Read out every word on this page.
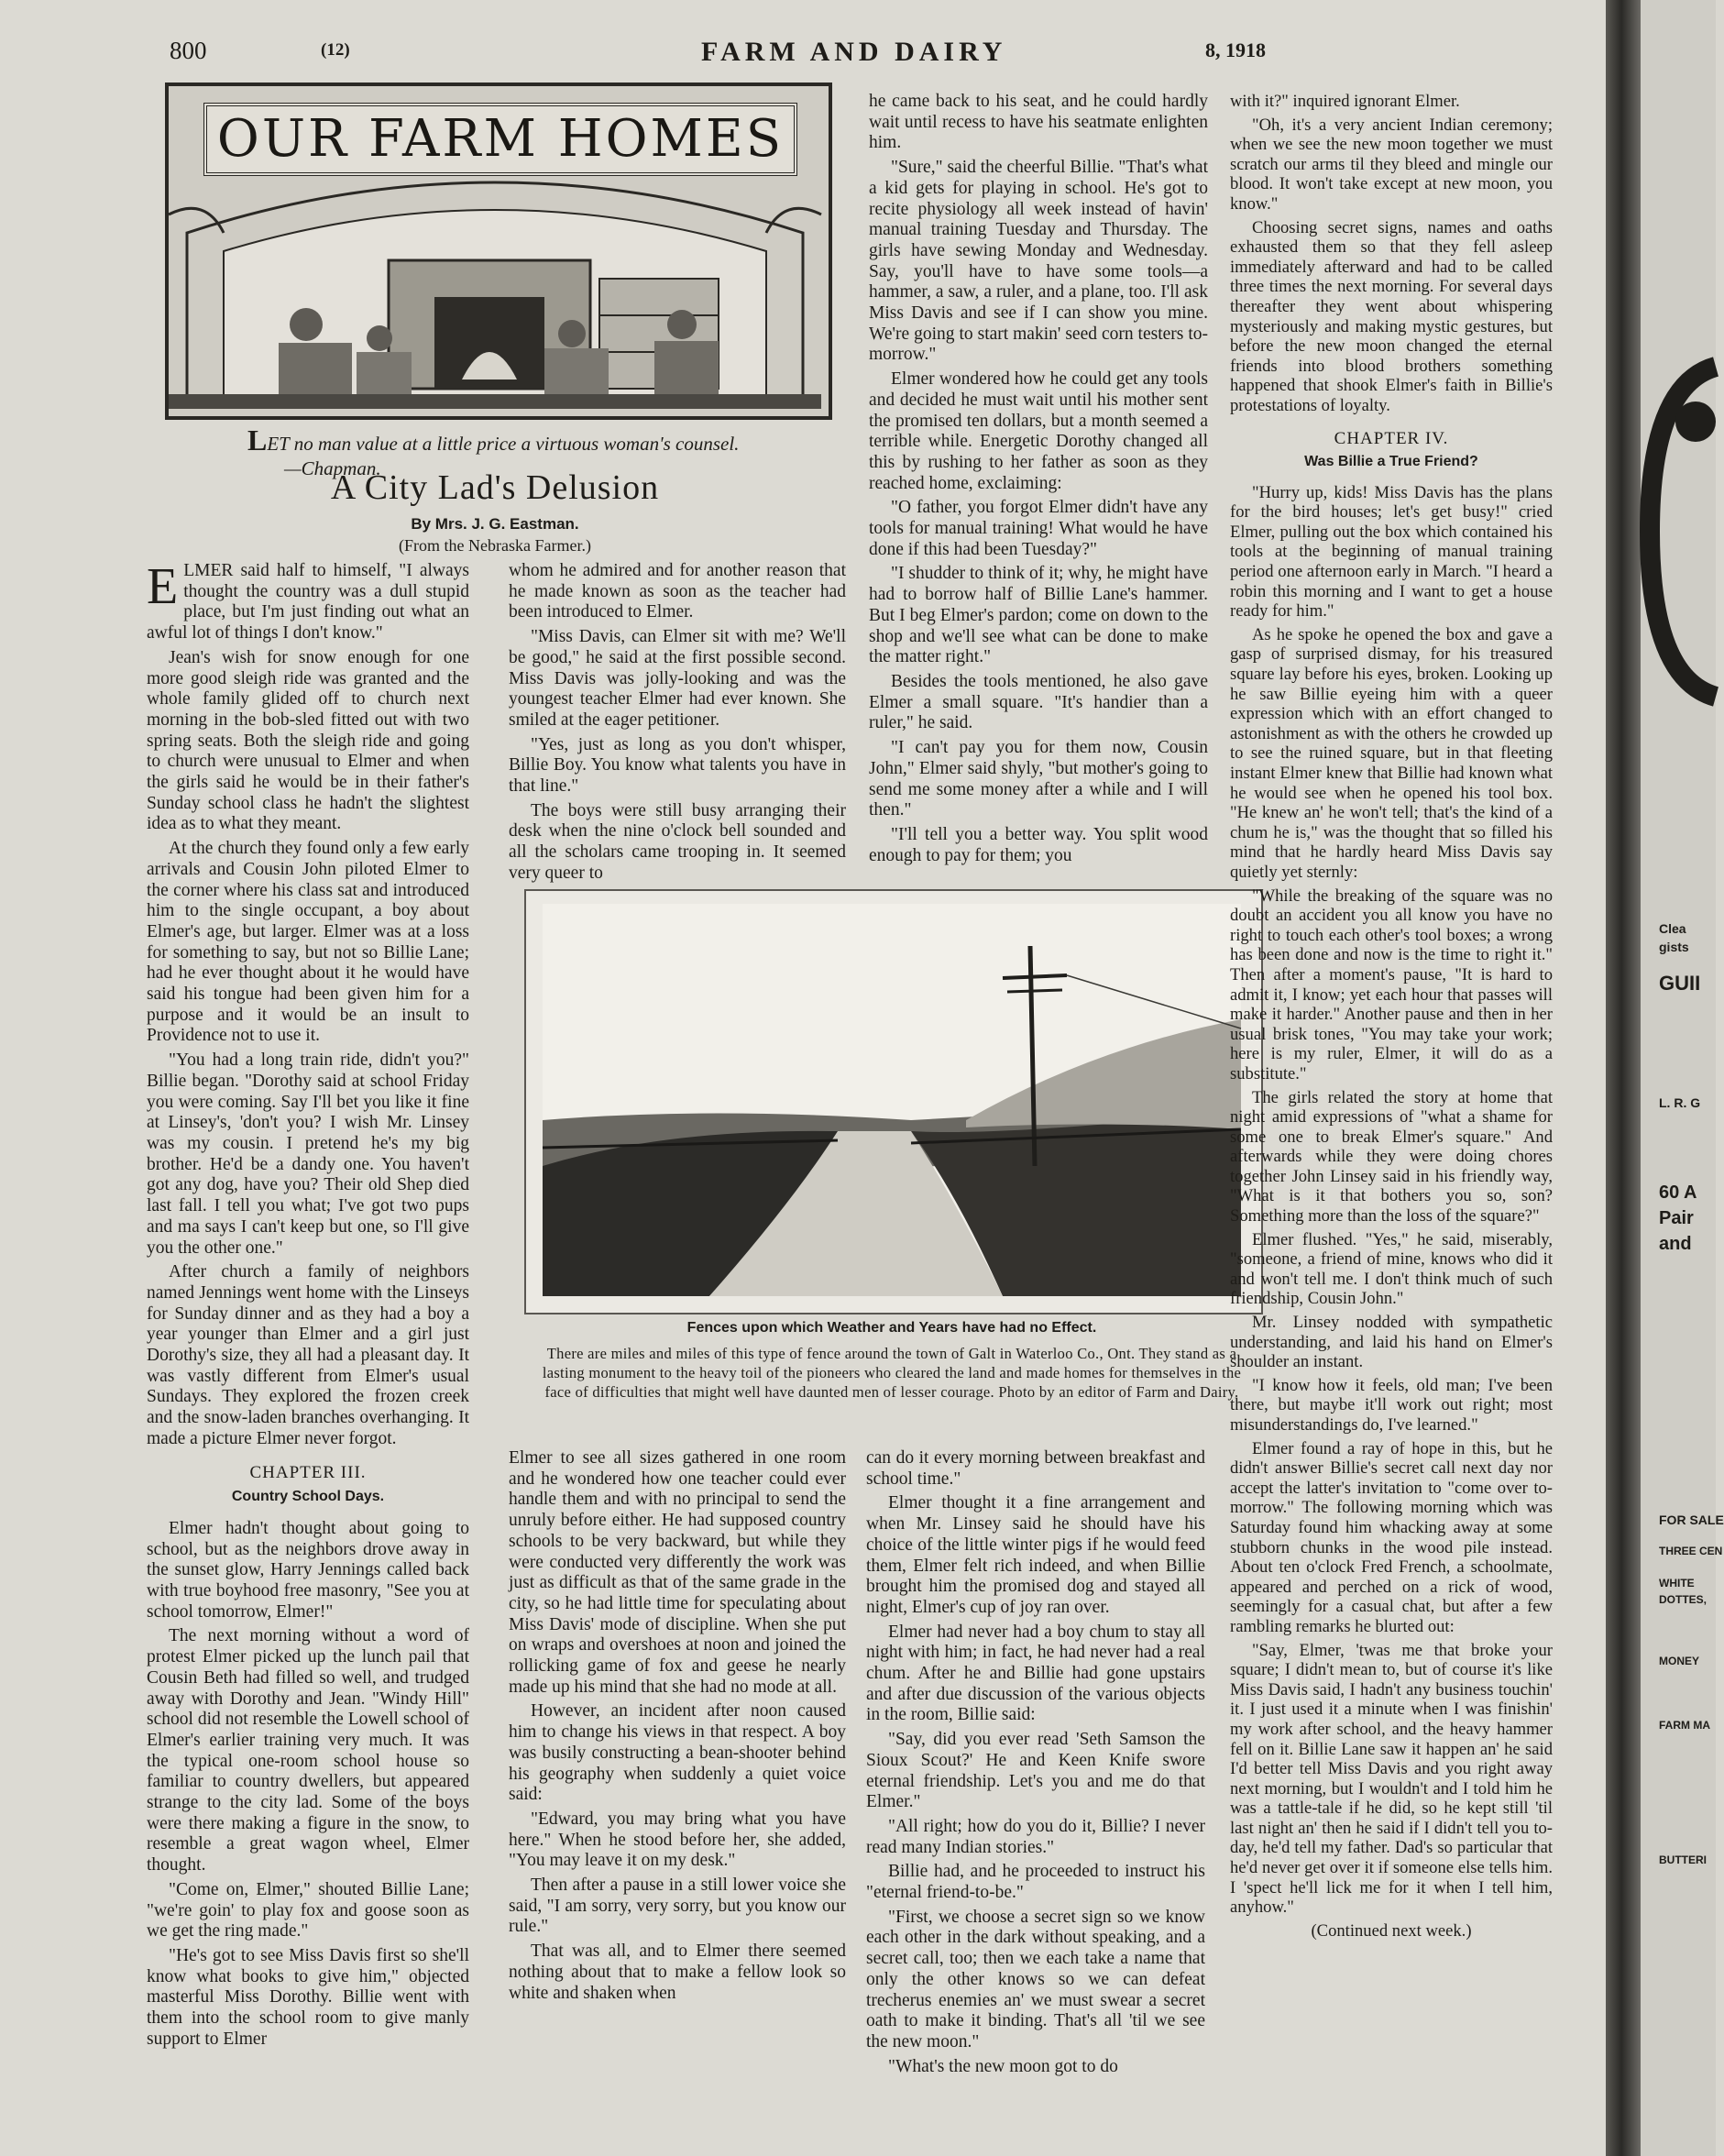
800	(12)	FARM AND DAIRY	8, 1918
OUR FARM HOMES
LET no man value at a little price a virtuous woman's counsel.
—Chapman.
A City Lad's Delusion
By Mrs. J. G. Eastman.
(From the Nebraska Farmer.)

ELMER said half to himself, "I always thought the country was a dull stupid place, but I'm just finding out what an awful lot of things I don't know."

Jean's wish for snow enough for one more good sleigh ride was granted and the whole family glided off to church next morning in the bob-sled fitted out with two spring seats. Both the sleigh ride and going to church were unusual to Elmer and when the girls said he would be in their father's Sunday school class he hadn't the slightest idea as to what they meant.

At the church they found only a few early arrivals and Cousin John piloted Elmer to the corner where his class sat and introduced him to the single occupant, a boy about Elmer's age, but larger. Elmer was at a loss for something to say, but not so Billie Lane; had he ever thought about it he would have said his tongue had been given him for a purpose and it would be an insult to Providence not to use it.

"You had a long train ride, didn't you?" Billie began. "Dorothy said at school Friday you were coming. Say I'll bet you like it fine at Linsey's, 'don't you? I wish Mr. Linsey was my cousin. I pretend he's my big brother. He'd be a dandy one. You haven't got any dog, have you? Their old Shep died last fall. I tell you what; I've got two pups and ma says I can't keep but one, so I'll give you the other one."

After church a family of neighbors named Jennings went home with the Linseys for Sunday dinner and as they had a boy a year younger than Elmer and a girl just Dorothy's size, they all had a pleasant day. It was vastly different from Elmer's usual Sundays. They explored the frozen creek and the snow-laden branches overhanging. It made a picture Elmer never forgot.

CHAPTER III.
Country School Days.

Elmer hadn't thought about going to school, but as the neighbors drove away in the sunset glow, Harry Jennings called back with true boyhood free masonry, "See you at school tomorrow, Elmer!"

The next morning without a word of protest Elmer picked up the lunch pail that Cousin Beth had filled so well, and trudged away with Dorothy and Jean. "Windy Hill" school did not resemble the Lowell school of Elmer's earlier training very much. It was the typical one-room school house so familiar to country dwellers, but appeared strange to the city lad. Some of the boys were there making a figure in the snow, to resemble a great wagon wheel, Elmer thought.

"Come on, Elmer," shouted Billie Lane; "we're goin' to play fox and goose soon as we get the ring made."

"He's got to see Miss Davis first so she'll know what books to give him," objected masterful Miss Dorothy. Billie went with them into the school room to give manly support to Elmer

whom he admired and for another reason that he made known as soon as the teacher had been introduced to Elmer.

"Miss Davis, can Elmer sit with me? We'll be good," he said at the first possible second. Miss Davis was jolly-looking and was the youngest teacher Elmer had ever known. She smiled at the eager petitioner.

"Yes, just as long as you don't whisper, Billie Boy. You know what talents you have in that line."

The boys were still busy arranging their desk when the nine o'clock bell sounded and all the scholars came trooping in. It seemed very queer to

he came back to his seat, and he could hardly wait until recess to have his seatmate enlighten him.

"Sure," said the cheerful Billie. "That's what a kid gets for playing in school. He's got to recite physiology all week instead of havin' manual training Tuesday and Thursday. The girls have sewing Monday and Wednesday. Say, you'll have to have some tools—a hammer, a saw, a ruler, and a plane, too. I'll ask Miss Davis and see if I can show you mine. We're going to start makin' seed corn testers to-morrow."

Elmer wondered how he could get any tools and decided he must wait until his mother sent the promised ten dollars, but a month seemed a terrible while. Energetic Dorothy changed all this by rushing to her father as soon as they reached home, exclaiming:

"O father, you forgot Elmer didn't have any tools for manual training! What would he have done if this had been Tuesday?"

"I shudder to think of it; why, he might have had to borrow half of Billie Lane's hammer. But I beg Elmer's pardon; come on down to the shop and we'll see what can be done to make the matter right."

Besides the tools mentioned, he also gave Elmer a small square. "It's handier than a ruler," he said.

"I can't pay you for them now, Cousin John," Elmer said shyly, "but mother's going to send me some money after a while and I will then."

"I'll tell you a better way. You split wood enough to pay for them; you

Fences upon which Weather and Years have had no Effect.
There are miles and miles of this type of fence around the town of Galt in Waterloo Co., Ont. They stand as a lasting monument to the heavy toil of the pioneers who cleared the land and made homes for themselves in the face of difficulties that might well have daunted men of lesser courage. Photo by an editor of Farm and Dairy.

Elmer to see all sizes gathered in one room and he wondered how one teacher could ever handle them and with no principal to send the unruly before either. He had supposed country schools to be very backward, but while they were conducted very differently the work was just as difficult as that of the same grade in the city, so he had little time for speculating about Miss Davis' mode of discipline. When she put on wraps and overshoes at noon and joined the rollicking game of fox and geese he nearly made up his mind that she had no mode at all.

However, an incident after noon caused him to change his views in that respect. A boy was busily constructing a bean-shooter behind his geography when suddenly a quiet voice said:

"Edward, you may bring what you have here." When he stood before her, she added, "You may leave it on my desk."

Then after a pause in a still lower voice she said, "I am sorry, very sorry, but you know our rule."

That was all, and to Elmer there seemed nothing about that to make a fellow look so white and shaken when

can do it every morning between breakfast and school time."

Elmer thought it a fine arrangement and when Mr. Linsey said he should have his choice of the little winter pigs if he would feed them, Elmer felt rich indeed, and when Billie brought him the promised dog and stayed all night, Elmer's cup of joy ran over.

Elmer had never had a boy chum to stay all night with him; in fact, he had never had a real chum. After he and Billie had gone upstairs and after due discussion of the various objects in the room, Billie said:

"Say, did you ever read 'Seth Samson the Sioux Scout?' He and Keen Knife swore eternal friendship. Let's you and me do that Elmer."

"All right; how do you do it, Billie? I never read many Indian stories."

Billie had, and he proceeded to instruct his "eternal friend-to-be."

"First, we choose a secret sign so we know each other in the dark without speaking, and a secret call, too; then we each take a name that only the other knows so we can defeat trecherus enemies an' we must swear a secret oath to make it binding. That's all 'til we see the new moon."

"What's the new moon got to do

with it?" inquired ignorant Elmer.

"Oh, it's a very ancient Indian ceremony; when we see the new moon together we must scratch our arms til they bleed and mingle our blood. It won't take except at new moon, you know."

Choosing secret signs, names and oaths exhausted them so that they fell asleep immediately afterward and had to be called three times the next morning. For several days thereafter they went about whispering mysteriously and making mystic gestures, but before the new moon changed the eternal friends into blood brothers something happened that shook Elmer's faith in Billie's protestations of loyalty.

CHAPTER IV.
Was Billie a True Friend?

"Hurry up, kids! Miss Davis has the plans for the bird houses; let's get busy!" cried Elmer, pulling out the box which contained his tools at the beginning of manual training period one afternoon early in March. "I heard a robin this morning and I want to get a house ready for him."

As he spoke he opened the box and gave a gasp of surprised dismay, for his treasured square lay before his eyes, broken. Looking up he saw Billie eyeing him with a queer expression which with an effort changed to astonishment as with the others he crowded up to see the ruined square, but in that fleeting instant Elmer knew that Billie had known what he would see when he opened his tool box. "He knew an' he won't tell; that's the kind of a chum he is," was the thought that so filled his mind that he hardly heard Miss Davis say quietly yet sternly:

"While the breaking of the square was no doubt an accident you all know you have no right to touch each other's tool boxes; a wrong has been done and now is the time to right it." Then after a moment's pause, "It is hard to admit it, I know; yet each hour that passes will make it harder." Another pause and then in her usual brisk tones, "You may take your work; here is my ruler, Elmer, it will do as a substitute."

The girls related the story at home that night amid expressions of "what a shame for some one to break Elmer's square." And afterwards while they were doing chores together John Linsey said in his friendly way, "What is it that bothers you so, son? Something more than the loss of the square?"

Elmer flushed. "Yes," he said, miserably, "someone, a friend of mine, knows who did it and won't tell me. I don't think much of such friendship, Cousin John."

Mr. Linsey nodded with sympathetic understanding, and laid his hand on Elmer's shoulder an instant.

"I know how it feels, old man; I've been there, but maybe it'll work out right; most misunderstandings do, I've learned."

Elmer found a ray of hope in this, but he didn't answer Billie's secret call next day nor accept the latter's invitation to "come over to-morrow." The following morning which was Saturday found him whacking away at some stubborn chunks in the wood pile instead. About ten o'clock Fred French, a schoolmate, appeared and perched on a rick of wood, seemingly for a casual chat, but after a few rambling remarks he blurted out:

"Say, Elmer, 'twas me that broke your square; I didn't mean to, but of course it's like Miss Davis said, I hadn't any business touchin' it. I just used it a minute when I was finishin' my work after school, and the heavy hammer fell on it. Billie Lane saw it happen an' he said I'd better tell Miss Davis and you right away next morning, but I wouldn't and I told him he was a tattle-tale if he did, so he kept still 'til last night an' then he said if I didn't tell you to-day, he'd tell my father. Dad's so particular that he'd never get over it if someone else tells him. I 'spect he'll lick me for it when I tell him, anyhow."

(Continued next week.)

Clea
gists
GUII
L. R. G
60 A
Pair
and
FOR SALE
THREE CEN
WHITE
DOTTES,
MONEY
FARM MA
BUTTERI
